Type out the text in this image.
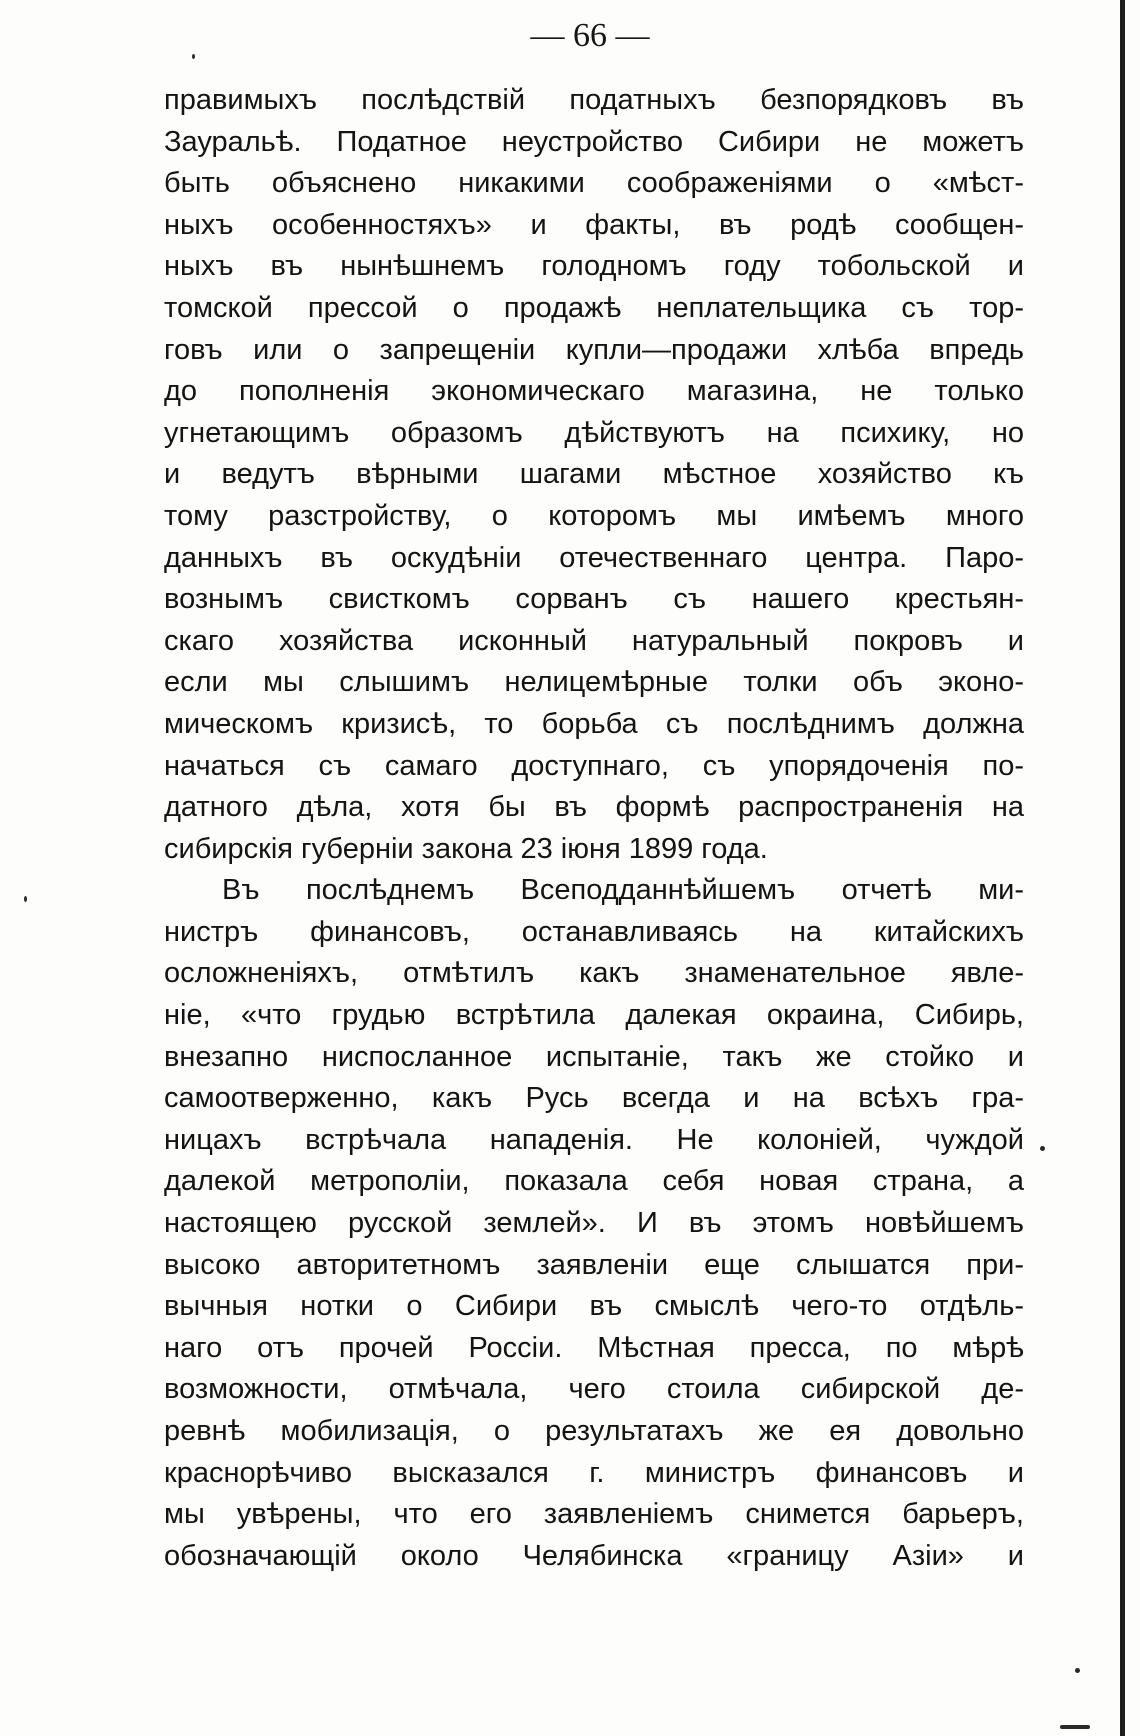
— 66 —
правимыхъ послѣдствій податныхъ безпорядковъ въ
Зауральѣ. Податное неустройство Сибири не можетъ
быть объяснено никакими соображеніями о «мѣст-
ныхъ особенностяхъ» и факты, въ родѣ сообщен-
ныхъ въ нынѣшнемъ голодномъ году тобольской и
томской прессой о продажѣ неплательщика съ тор-
говъ или о запрещеніи купли—продажи хлѣба впредь
до пополненія экономическаго магазина, не только
угнетающимъ образомъ дѣйствуютъ на психику, но
и ведутъ вѣрными шагами мѣстное хозяйство къ
тому разстройству, о которомъ мы имѣемъ много
данныхъ въ оскудѣніи отечественнаго центра. Паро-
вознымъ свисткомъ сорванъ съ нашего крестьян-
скаго хозяйства исконный натуральный покровъ и
если мы слышимъ нелицемѣрные толки объ эконо-
мическомъ кризисѣ, то борьба съ послѣднимъ должна
начаться съ самаго доступнаго, съ упорядоченія по-
датного дѣла, хотя бы въ формѣ распространенія на
сибирскія губерніи закона 23 іюня 1899 года.
Въ послѣднемъ Всеподданнѣйшемъ отчетѣ ми-
нистръ финансовъ, останавливаясь на китайскихъ
осложненіяхъ, отмѣтилъ какъ знаменательное явле-
ніе, «что грудью встрѣтила далекая окраина, Сибирь,
внезапно ниспосланное испытаніе, такъ же стойко и
самоотверженно, какъ Русь всегда и на всѣхъ гра-
ницахъ встрѣчала нападенія. Не колоніей, чуждой
далекой метрополіи, показала себя новая страна, а
настоящею русской землей». И въ этомъ новѣйшемъ
высоко авторитетномъ заявленіи еще слышатся при-
вычныя нотки о Сибири въ смыслѣ чего-то отдѣль-
наго отъ прочей Россіи. Мѣстная пресса, по мѣрѣ
возможности, отмѣчала, чего стоила сибирской де-
ревнѣ мобилизація, о результатахъ же ея довольно
краснорѣчиво высказался г. министръ финансовъ и
мы увѣрены, что его заявленіемъ снимется барьеръ,
обозначающій около Челябинска «границу Азіи» и
